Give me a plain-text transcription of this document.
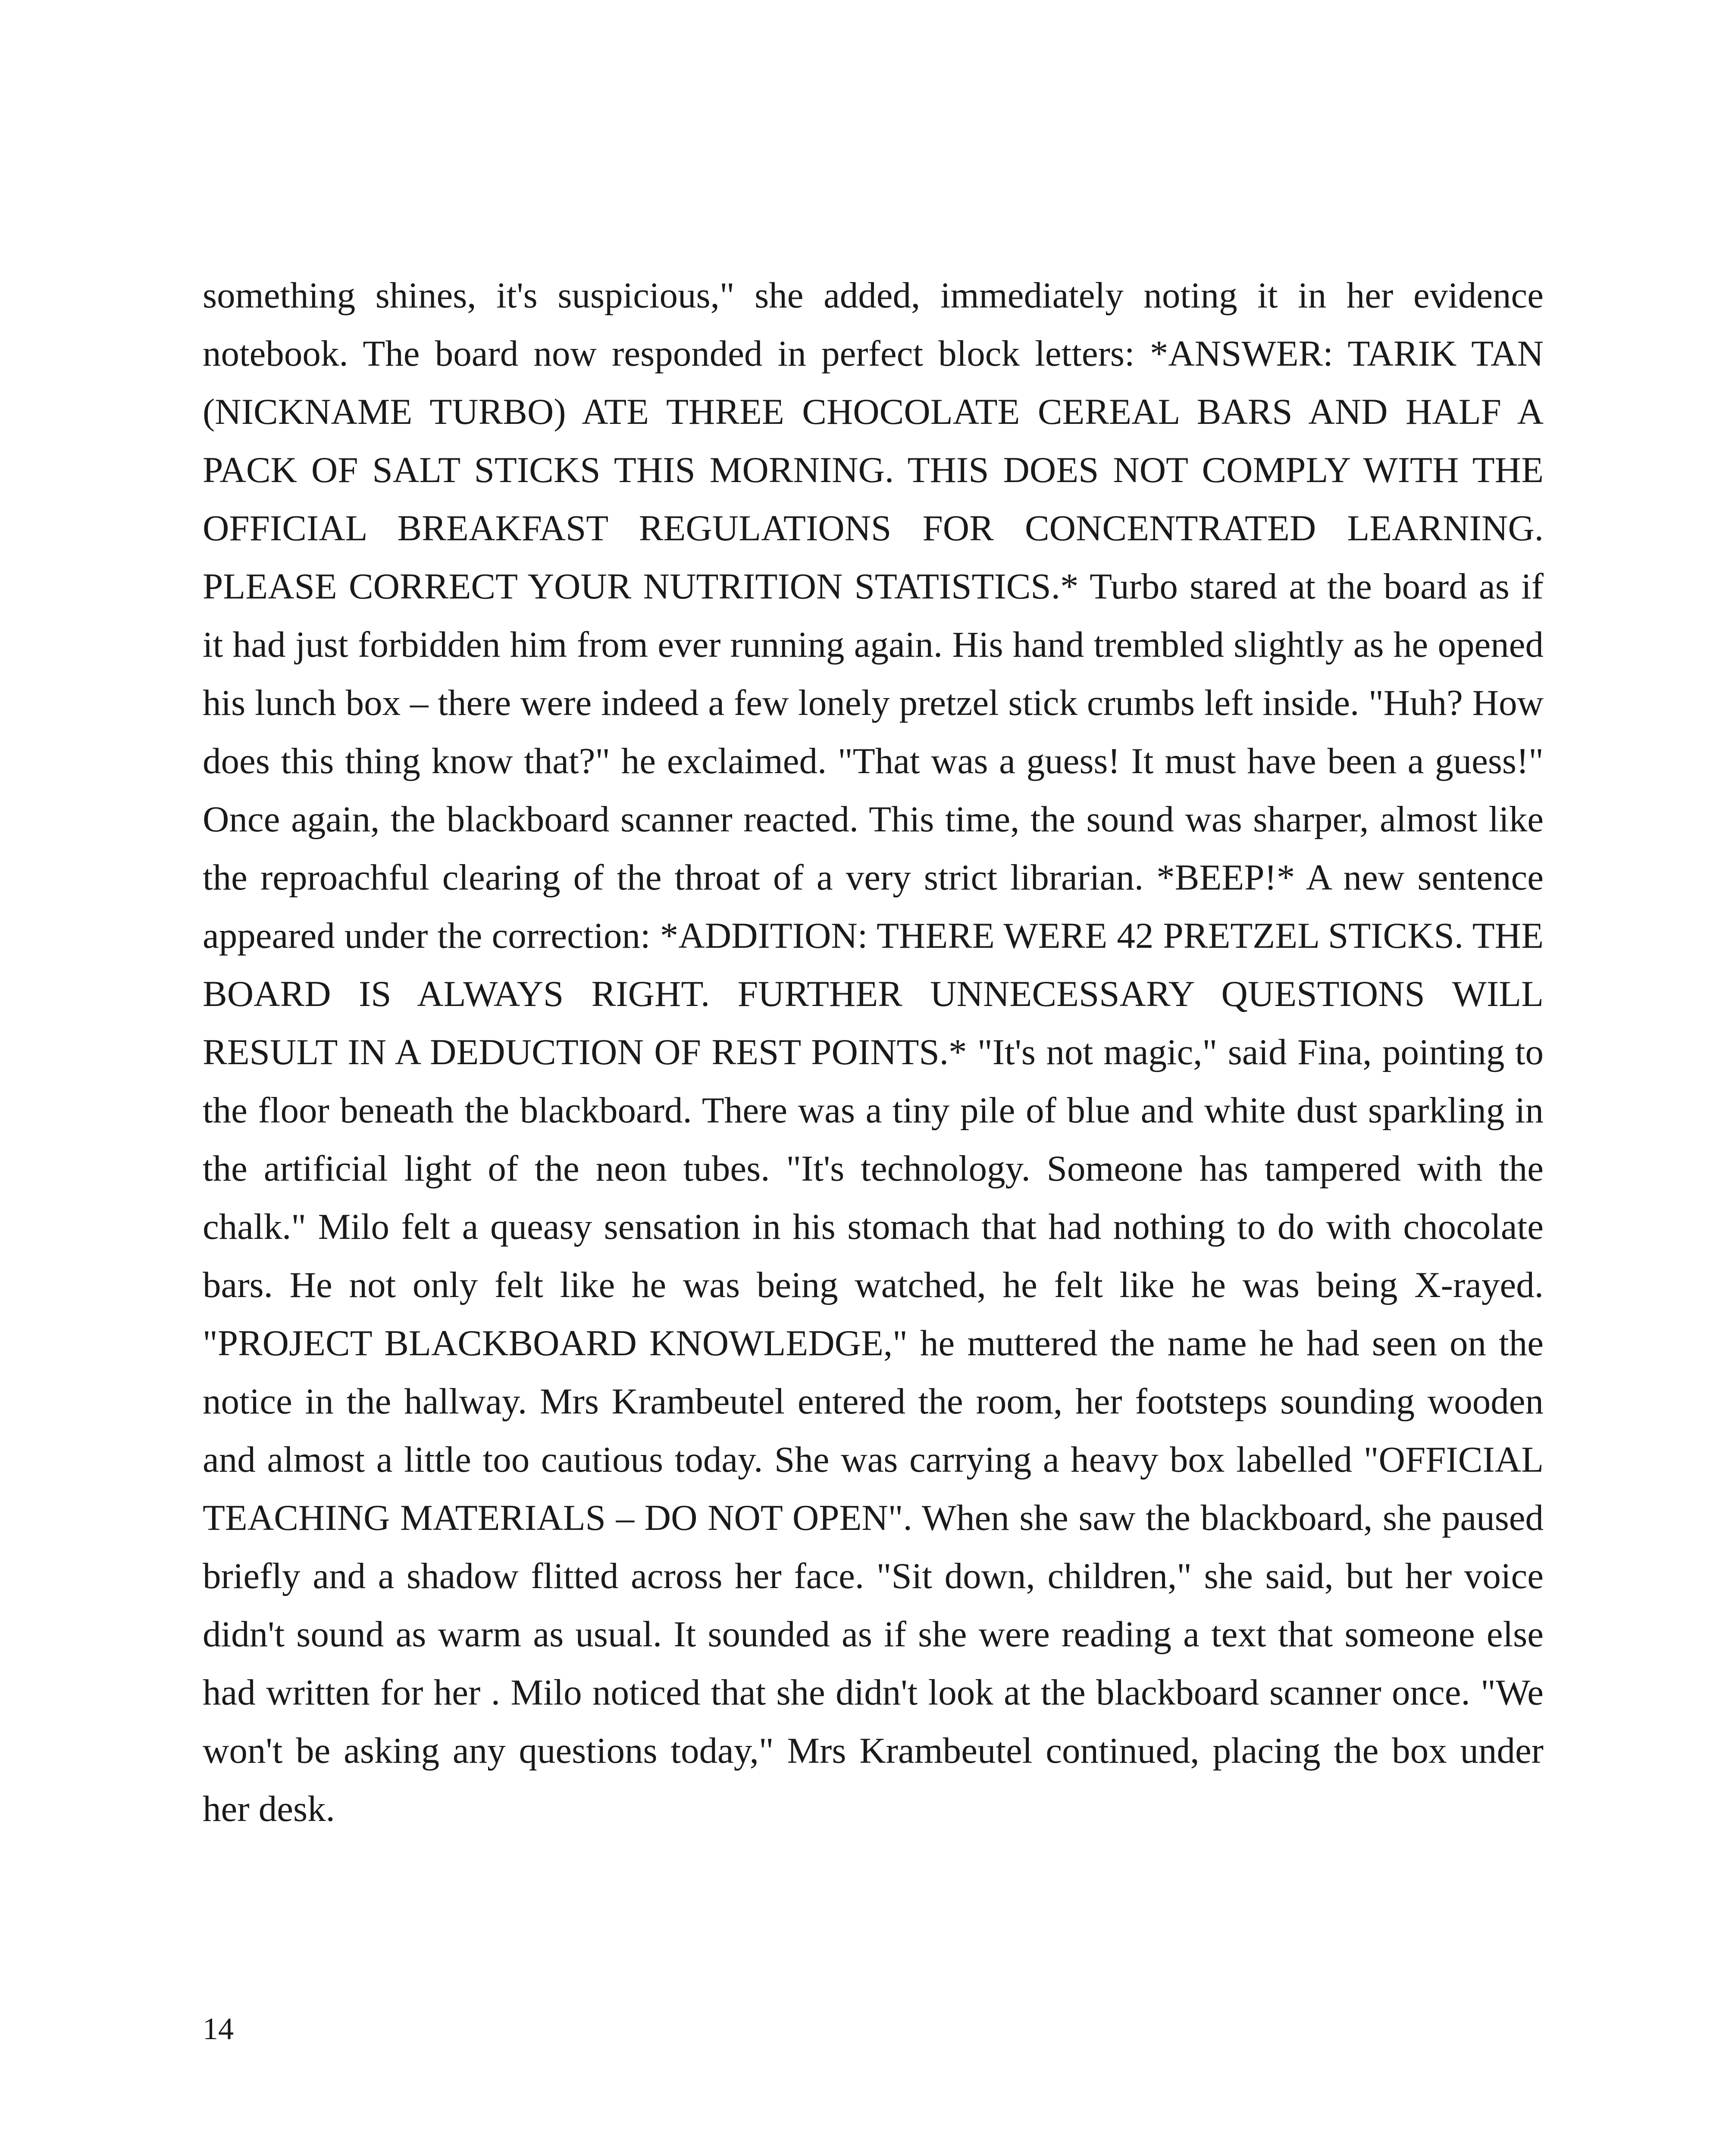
something shines, it's suspicious," she added, immediately noting it in her evidence notebook. The board now responded in perfect block letters: *ANSWER: TARIK TAN (NICKNAME TURBO) ATE THREE CHOCOLATE CEREAL BARS AND HALF A PACK OF SALT STICKS THIS MORNING. THIS DOES NOT COMPLY WITH THE OFFICIAL BREAKFAST REGULATIONS FOR CONCENTRATED LEARNING. PLEASE CORRECT YOUR NUTRITION STATISTICS.* Turbo stared at the board as if it had just forbidden him from ever running again. His hand trembled slightly as he opened his lunch box – there were indeed a few lonely pretzel stick crumbs left inside. "Huh? How does this thing know that?" he exclaimed. "That was a guess! It must have been a guess!" Once again, the blackboard scanner reacted. This time, the sound was sharper, almost like the reproachful clearing of the throat of a very strict librarian. *BEEP!* A new sentence appeared under the correction: *ADDITION: THERE WERE 42 PRETZEL STICKS. THE BOARD IS ALWAYS RIGHT. FURTHER UNNECESSARY QUESTIONS WILL RESULT IN A DEDUCTION OF REST POINTS.* "It's not magic," said Fina, pointing to the floor beneath the blackboard. There was a tiny pile of blue and white dust sparkling in the artificial light of the neon tubes. "It's technology. Someone has tampered with the chalk." Milo felt a queasy sensation in his stomach that had nothing to do with chocolate bars. He not only felt like he was being watched, he felt like he was being X-rayed. "PROJECT BLACKBOARD KNOWLEDGE," he muttered the name he had seen on the notice in the hallway. Mrs Krambeutel entered the room, her footsteps sounding wooden and almost a little too cautious today. She was carrying a heavy box labelled "OFFICIAL TEACHING MATERIALS – DO NOT OPEN". When she saw the blackboard, she paused briefly and a shadow flitted across her face. "Sit down, children," she said, but her voice didn't sound as warm as usual. It sounded as if she were reading a text that someone else had written for her . Milo noticed that she didn't look at the blackboard scanner once. "We won't be asking any questions today," Mrs Krambeutel continued, placing the box under her desk.

14
